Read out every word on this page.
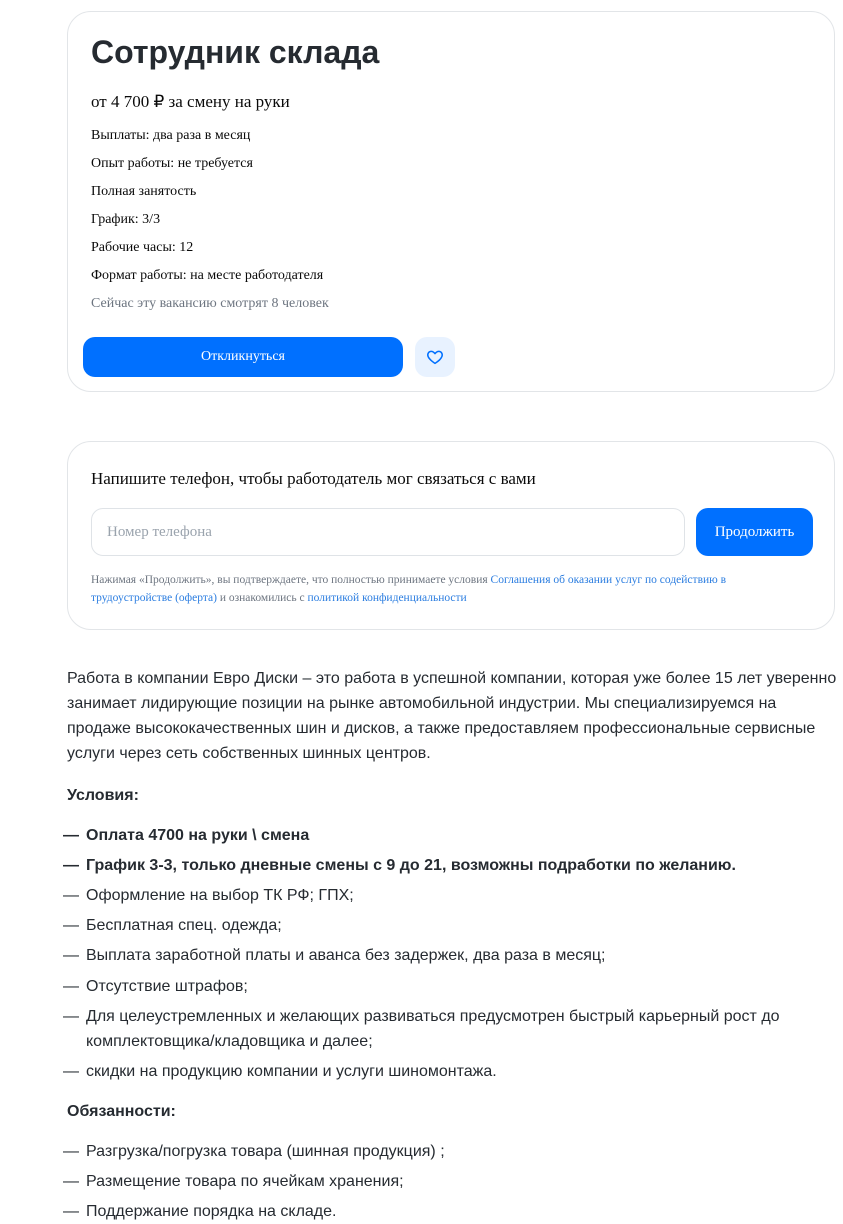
Сотрудник склада
от 4 700 ₽ за смену на руки
Выплаты: два раза в месяц
Опыт работы: не требуется
Полная занятость
График: 3/3
Рабочие часы: 12
Формат работы: на месте работодателя
Сейчас эту вакансию смотрят 8 человек
Откликнуться
Напишите телефон, чтобы работодатель мог связаться с вами
Номер телефона
Продолжить
Нажимая «Продолжить», вы подтверждаете, что полностью принимаете условия Соглашения об оказании услуг по содействию в трудоустройстве (оферта) и ознакомились с политикой конфиденциальности
Работа в компании Евро Диски – это работа в успешной компании, которая уже более 15 лет уверенно занимает лидирующие позиции на рынке автомобильной индустрии. Мы специализируемся на продаже высококачественных шин и дисков, а также предоставляем профессиональные сервисные услуги через сеть собственных шинных центров.
Условия:
— Оплата 4700 на руки \ смена
— График 3-3, только дневные смены с 9 до 21, возможны подработки по желанию.
— Оформление на выбор ТК РФ; ГПХ;
— Бесплатная спец. одежда;
— Выплата заработной платы и аванса без задержек, два раза в месяц;
— Отсутствие штрафов;
— Для целеустремленных и желающих развиваться предусмотрен быстрый карьерный рост до комплектовщика/кладовщика и далее;
— скидки на продукцию компании и услуги шиномонтажа.
Обязанности:
— Разгрузка/погрузка товара (шинная продукция) ;
— Размещение товара по ячейкам хранения;
— Поддержание порядка на складе.
